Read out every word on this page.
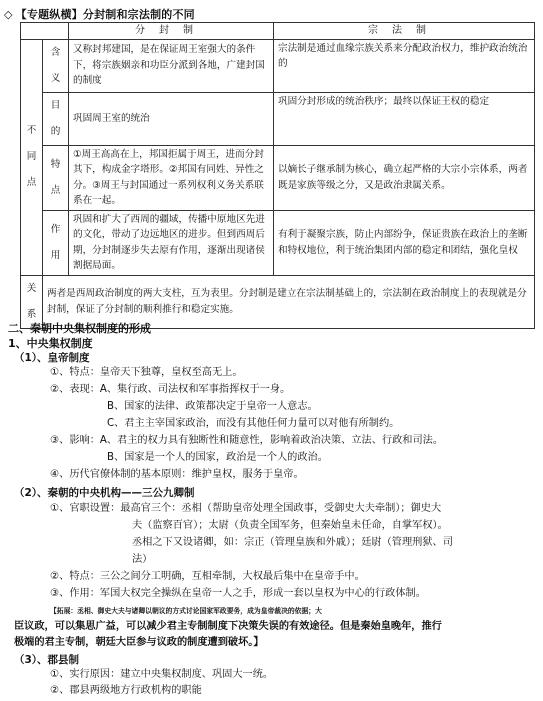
◇ 【专题纵横】分封制和宗法制的不同
		分封制	宗法制

不同点	含义	又称封邦建国，是在保证周王室强大的条件下，将宗族姻亲和功臣分派到各地，广建封国的制度	宗法制是通过血缘宗族关系来分配政治权力，维护政治统治的

	目的	巩固周王室的统治	巩固分封形成的统治秩序；最终以保证王权的稳定

	特点	①周王高高在上，邦国拒属于周王，进而分封其下，构成金字塔形。②邦国有同姓、异性之分。③周王与封国通过一系列权利义务关系联系在一起。	以嫡长子继承制为核心，确立起严格的大宗小宗体系，两者既是家族等级之分，又是政治隶属关系。

	作用	巩固和扩大了西周的疆域，传播中原地区先进的文化，带动了边远地区的进步。但到西周后期，分封制逐步失去原有作用，逐渐出现诸侯割据局面。	有利于凝聚宗族，防止内部纷争，保证贵族在政治上的垄断和特权地位，利于统治集团内部的稳定和团结，强化皇权

关系	两者是西周政治制度的两大支柱，互为表里。分封制是建立在宗法制基础上的，宗法制在政治制度上的表现就是分封制，保证了分封制的顺利推行和稳定实施。		
二、秦朝中央集权制度的形成
1、中央集权制度
（1）、皇帝制度
①、特点：皇帝天下独尊，皇权至高无上。
②、表现：A、集行政、司法权和军事指挥权于一身。
B、国家的法律、政策都决定于皇帝一人意志。
C、君主主宰国家政治，而没有其他任何力量可以对他有所制约。
③、影响：A、君主的权力具有独断性和随意性，影响着政治决策、立法、行政和司法。
B、国家是一个人的国家，政治是一个人的政治。
④、历代官僚体制的基本原则：维护皇权，服务于皇帝。
（2）、秦朝的中央机构——三公九卿制
①、官职设置：最高官三个：丞相（帮助皇帝处理全国政事，受御史大夫牵制）；御史大
夫（监察百官）；太尉（负责全国军务，但秦始皇未任命，自掌军权）。
丞相之下又设诸卿，如：宗正（管理皇族和外戚）；廷尉（管理刑狱、司
法）
②、特点：三公之间分工明确，互相牵制，大权最后集中在皇帝手中。
③、作用：军国大权完全操纵在皇帝一人之手，形成一套以皇权为中心的行政体制。
【拓展：丞相、御史大夫与诸卿以朝议的方式讨论国家军政要务，成为皇帝裁决的依据；大
臣议政，可以集思广益，可以减少君主专制制度下决策失误的有效途径。但是秦始皇晚年，推行
极端的君主专制，朝廷大臣参与议政的制度遭到破坏。】
（3）、郡县制
①、实行原因：建立中央集权制度、巩固大一统。
②、郡县两级地方行政机构的职能
